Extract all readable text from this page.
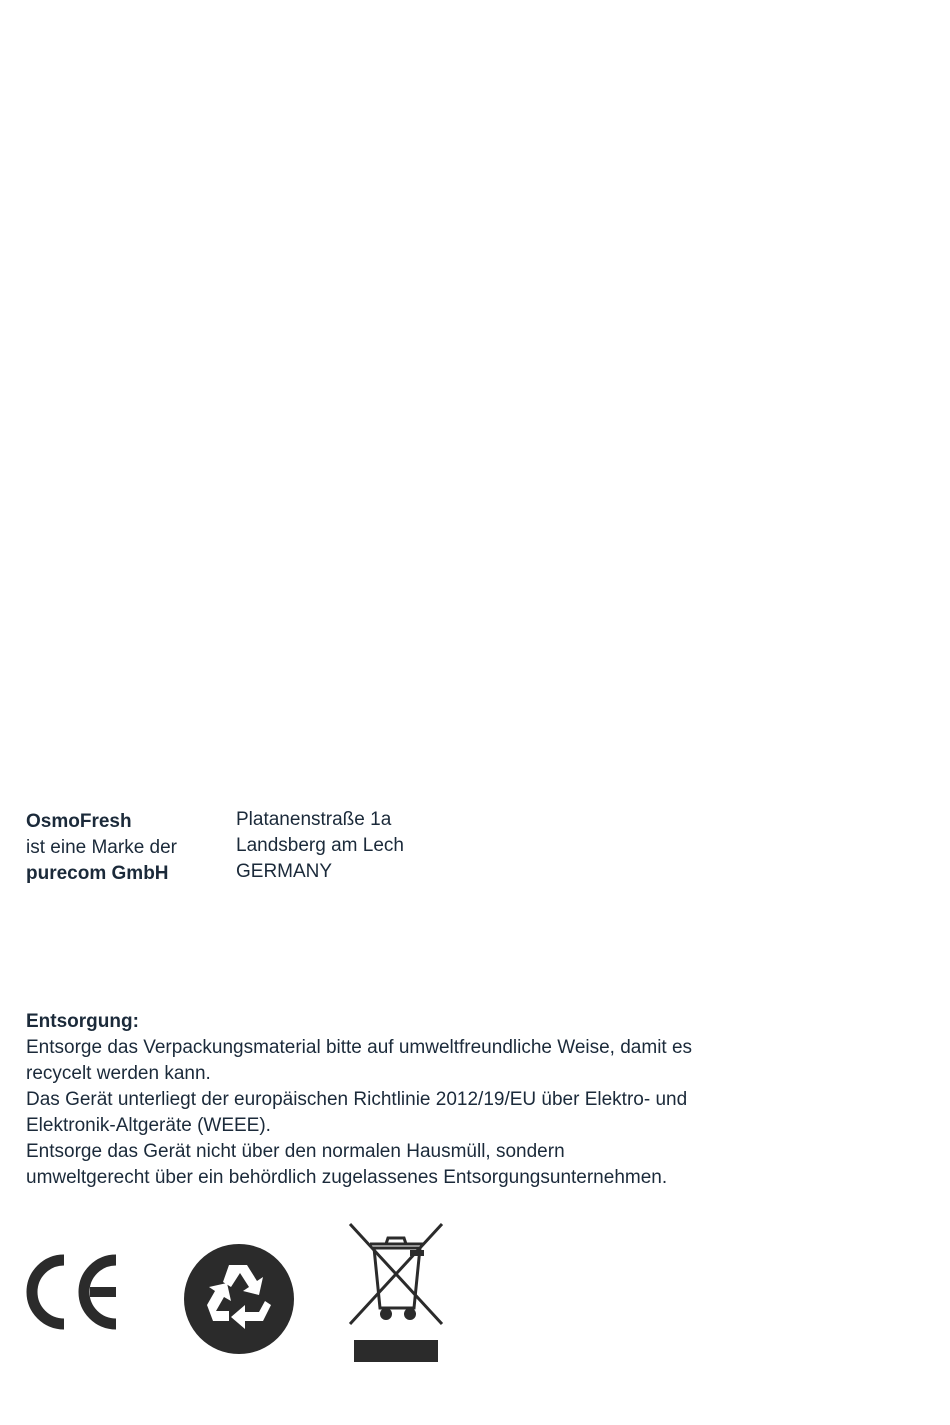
OsmoFresh
ist eine Marke der
purecom GmbH
Platanenstraße 1a
Landsberg am Lech
GERMANY
Entsorgung:
Entsorge das Verpackungsmaterial bitte auf umweltfreundliche Weise, damit es
recycelt werden kann.
Das Gerät unterliegt der europäischen Richtlinie 2012/19/EU über Elektro- und
Elektronik-Altgeräte (WEEE).
Entsorge das Gerät nicht über den normalen Hausmüll, sondern
umweltgerecht über ein behördlich zugelassenes Entsorgungsunternehmen.
